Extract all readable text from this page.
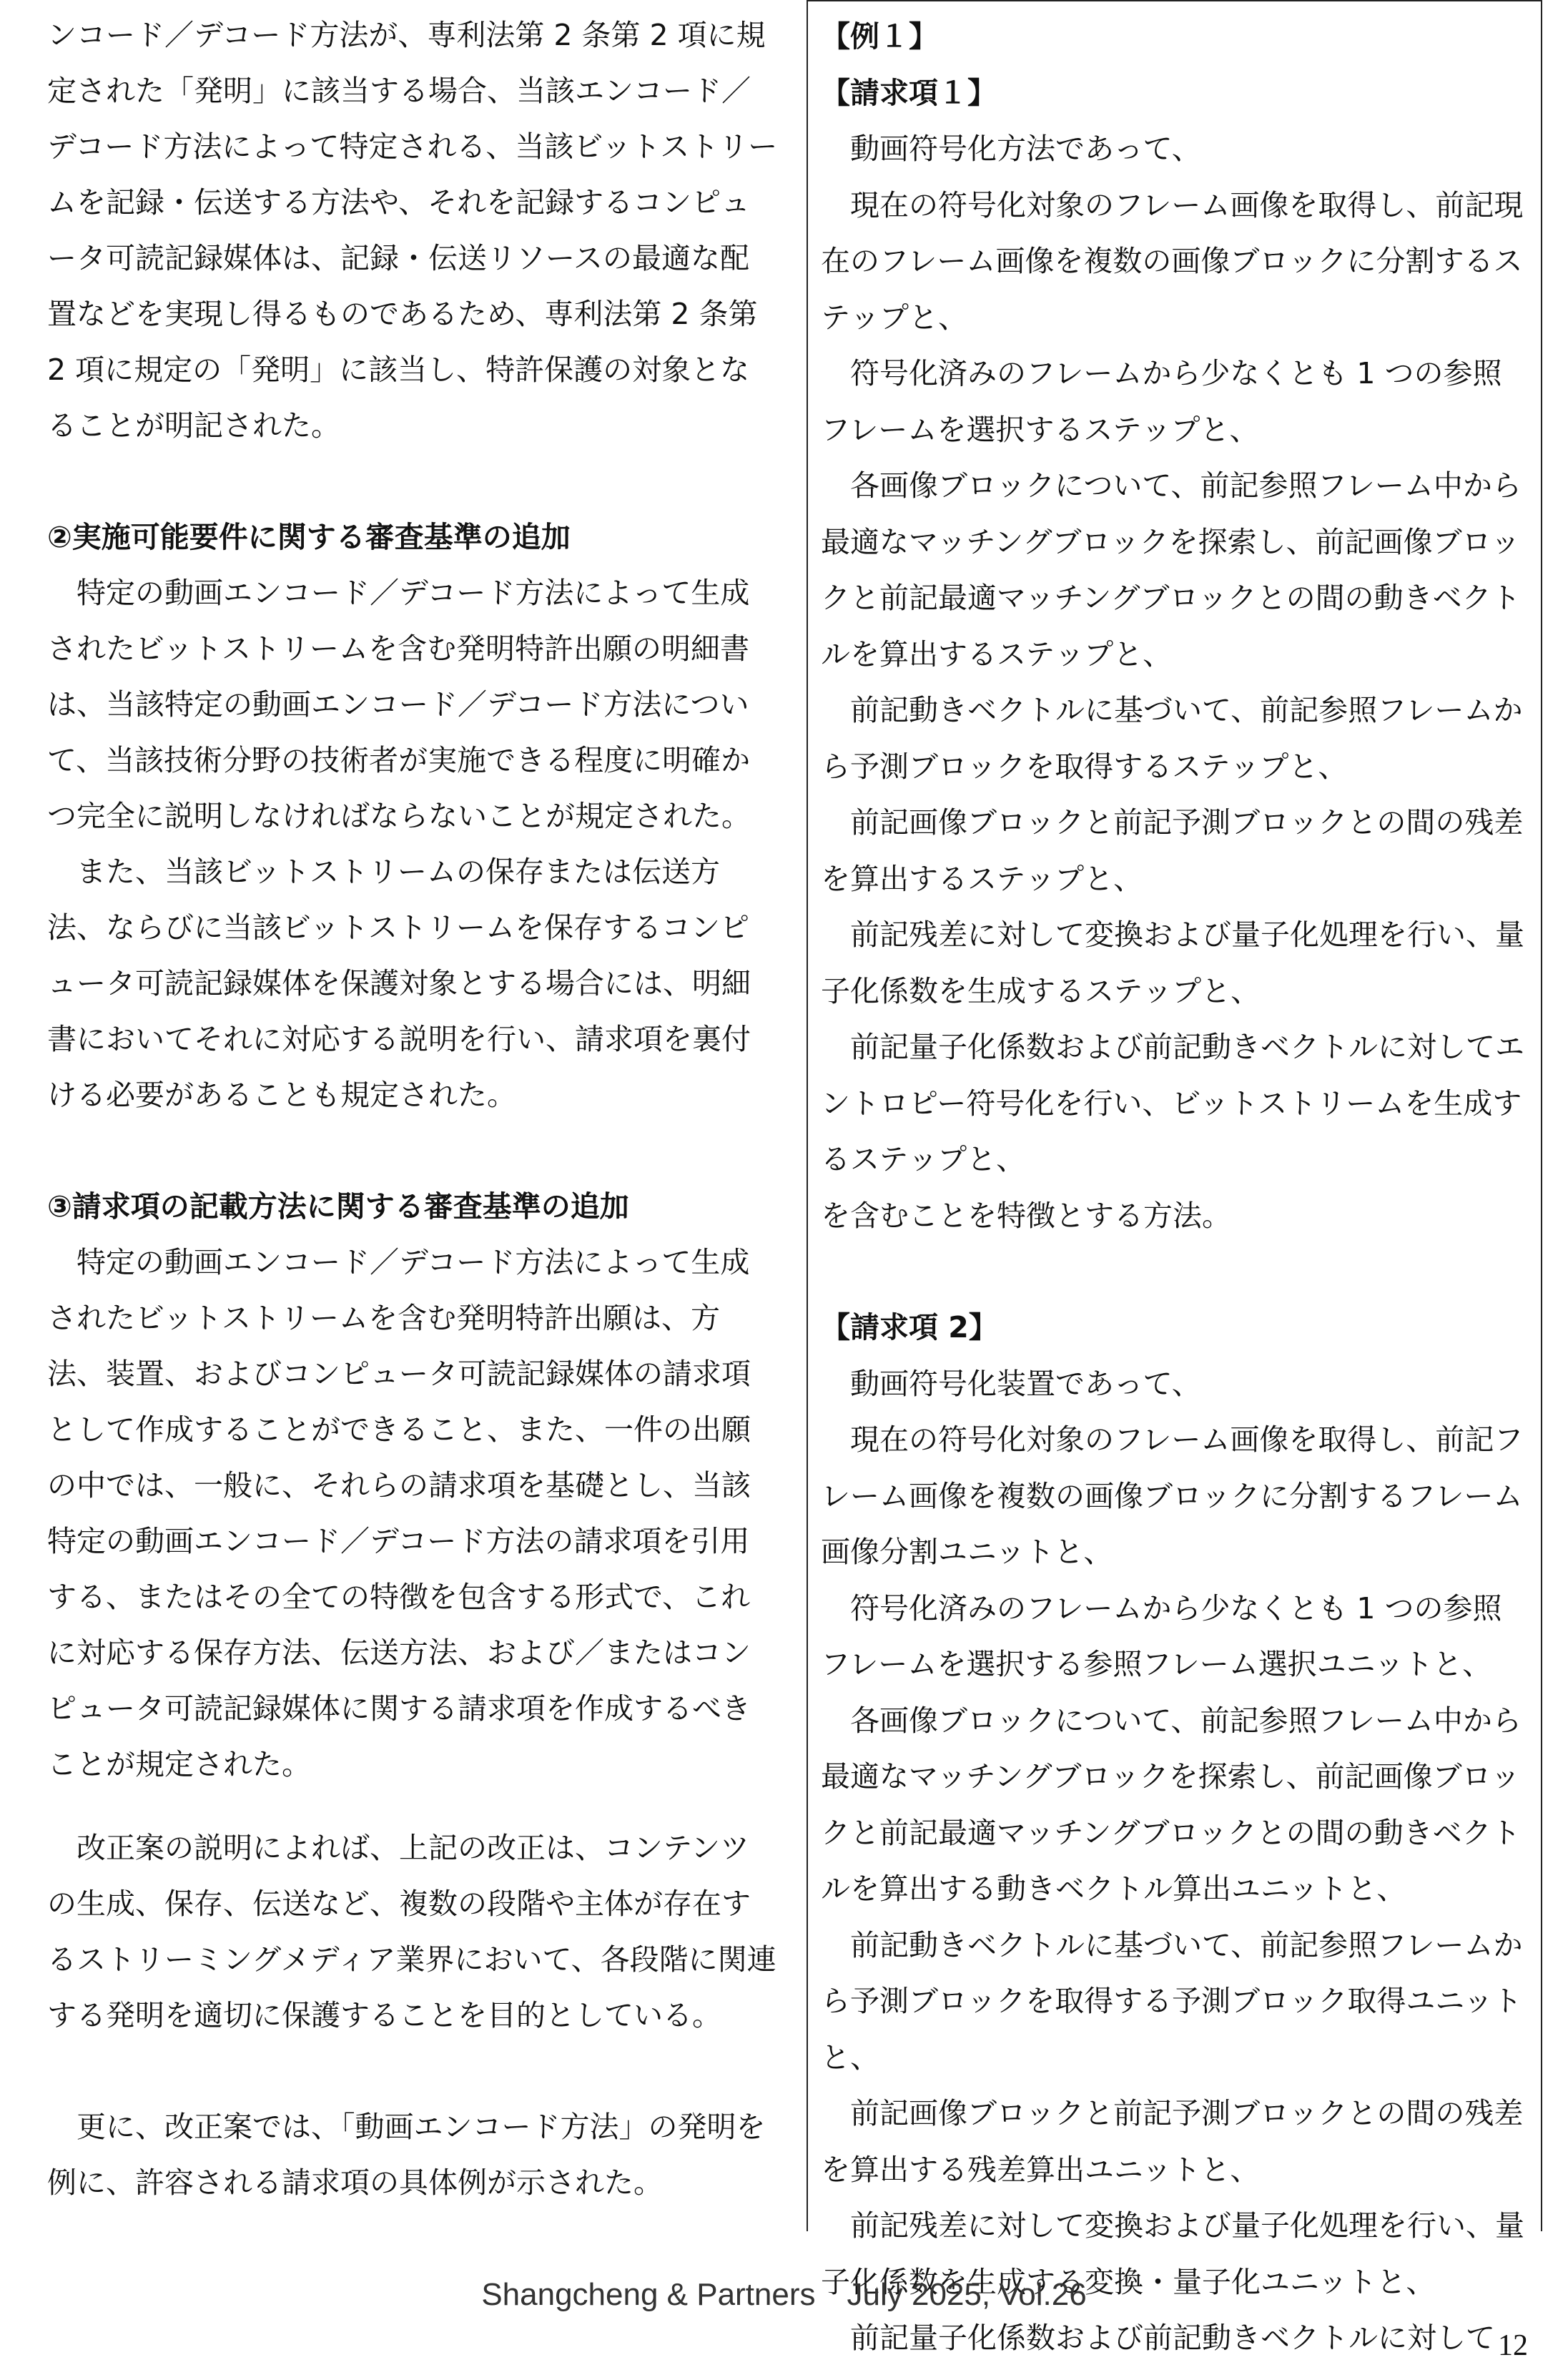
ンコード／デコード方法が、専利法第 2 条第 2 項に規定された「発明」に該当する場合、当該エンコード／デコード方法によって特定される、当該ビットストリームを記録・伝送する方法や、それを記録するコンピュータ可読記録媒体は、記録・伝送リソースの最適な配置などを実現し得るものであるため、専利法第 2 条第 2 項に規定の「発明」に該当し、特許保護の対象となることが明記された。

②実施可能要件に関する審査基準の追加

特定の動画エンコード／デコード方法によって生成されたビットストリームを含む発明特許出願の明細書は、当該特定の動画エンコード／デコード方法について、当該技術分野の技術者が実施できる程度に明確かつ完全に説明しなければならないことが規定された。

また、当該ビットストリームの保存または伝送方法、ならびに当該ビットストリームを保存するコンピュータ可読記録媒体を保護対象とする場合には、明細書においてそれに対応する説明を行い、請求項を裏付ける必要があることも規定された。

③請求項の記載方法に関する審査基準の追加

特定の動画エンコード／デコード方法によって生成されたビットストリームを含む発明特許出願は、方法、装置、およびコンピュータ可読記録媒体の請求項として作成することができること、また、一件の出願の中では、一般に、それらの請求項を基礎とし、当該特定の動画エンコード／デコード方法の請求項を引用する、またはその全ての特徴を包含する形式で、これに対応する保存方法、伝送方法、および／またはコンピュータ可読記録媒体に関する請求項を作成するべきことが規定された。

改正案の説明によれば、上記の改正は、コンテンツの生成、保存、伝送など、複数の段階や主体が存在するストリーミングメディア業界において、各段階に関連する発明を適切に保護することを目的としている。

更に、改正案では、「動画エンコード方法」の発明を例に、許容される請求項の具体例が示された。

【例１】

【請求項１】

動画符号化方法であって、

現在の符号化対象のフレーム画像を取得し、前記現在のフレーム画像を複数の画像ブロックに分割するステップと、

符号化済みのフレームから少なくとも 1 つの参照フレームを選択するステップと、

各画像ブロックについて、前記参照フレーム中から最適なマッチングブロックを探索し、前記画像ブロックと前記最適マッチングブロックとの間の動きベクトルを算出するステップと、

前記動きベクトルに基づいて、前記参照フレームから予測ブロックを取得するステップと、

前記画像ブロックと前記予測ブロックとの間の残差を算出するステップと、

前記残差に対して変換および量子化処理を行い、量子化係数を生成するステップと、

前記量子化係数および前記動きベクトルに対してエントロピー符号化を行い、ビットストリームを生成するステップと、

を含むことを特徴とする方法。

【請求項 2】

動画符号化装置であって、

現在の符号化対象のフレーム画像を取得し、前記フレーム画像を複数の画像ブロックに分割するフレーム画像分割ユニットと、

符号化済みのフレームから少なくとも 1 つの参照フレームを選択する参照フレーム選択ユニットと、

各画像ブロックについて、前記参照フレーム中から最適なマッチングブロックを探索し、前記画像ブロックと前記最適マッチングブロックとの間の動きベクトルを算出する動きベクトル算出ユニットと、

前記動きベクトルに基づいて、前記参照フレームから予測ブロックを取得する予測ブロック取得ユニットと、

前記画像ブロックと前記予測ブロックとの間の残差を算出する残差算出ユニットと、

前記残差に対して変換および量子化処理を行い、量子化係数を生成する変換・量子化ユニットと、

前記量子化係数および前記動きベクトルに対して

Shangcheng & Partners　July 2025, Vol.26
12
